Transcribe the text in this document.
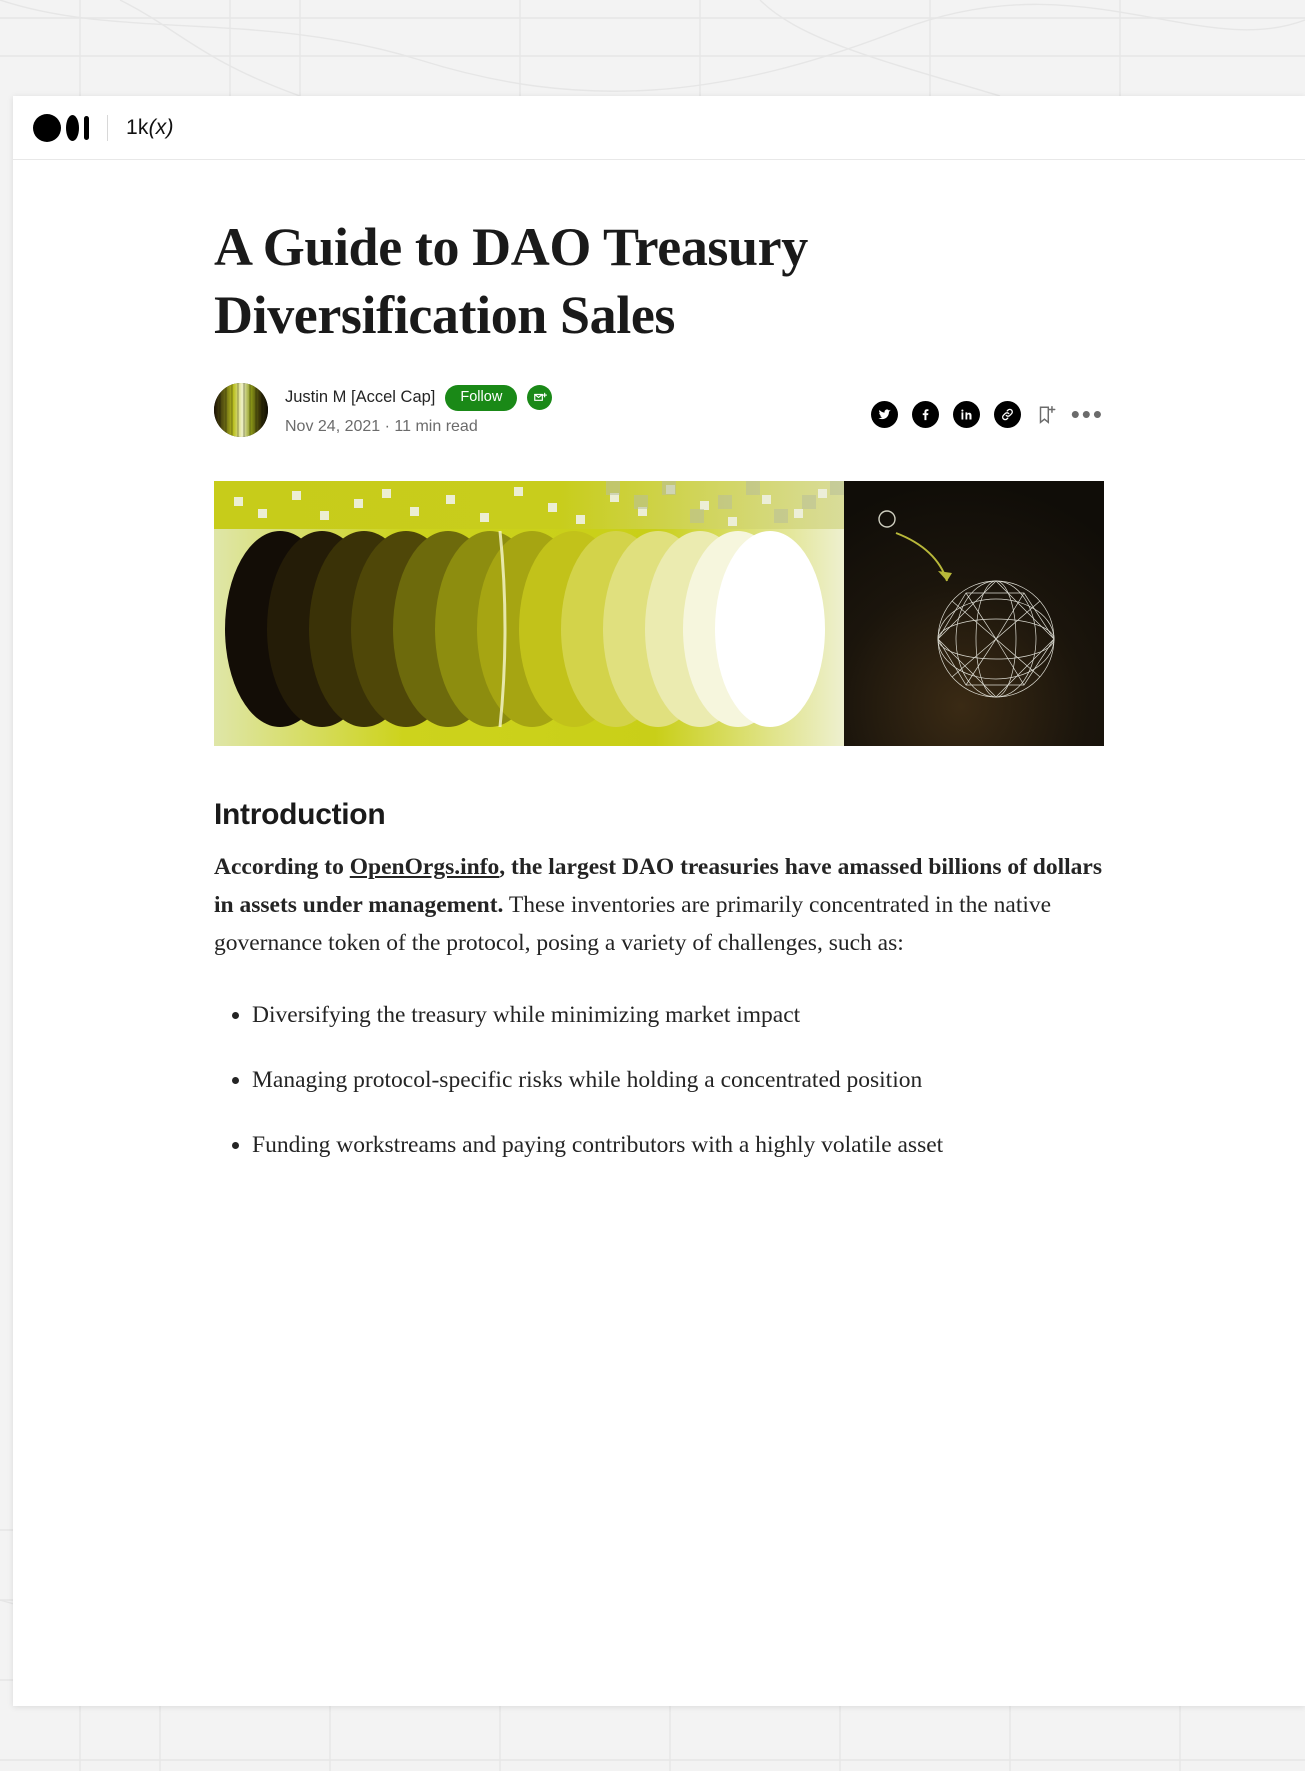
1k(x)
A Guide to DAO Treasury Diversification Sales
Justin M [Accel Cap]	Follow
Nov 24, 2021 · 11 min read	•••
Introduction

According to OpenOrgs.info, the largest DAO treasuries have amassed billions of dollars in assets under management. These inventories are primarily concentrated in the native governance token of the protocol, posing a variety of challenges, such as:

• Diversifying the treasury while minimizing market impact
• Managing protocol-specific risks while holding a concentrated position
• Funding workstreams and paying contributors with a highly volatile asset
